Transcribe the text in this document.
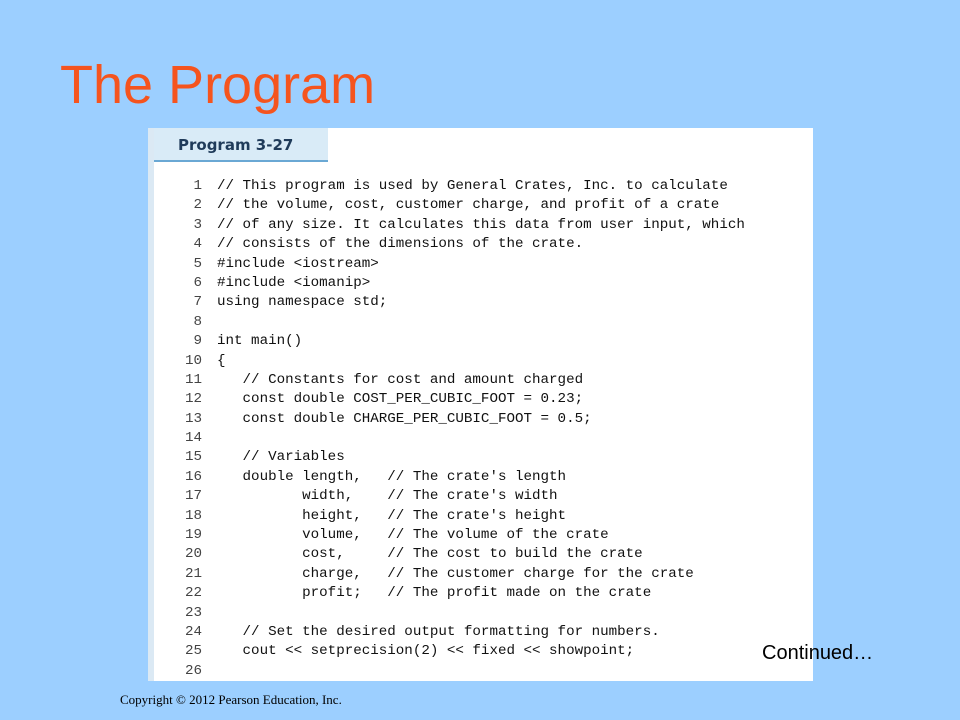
The Program
Program 3-27
1 // This program is used by General Crates, Inc. to calculate
2 // the volume, cost, customer charge, and profit of a crate
3 // of any size. It calculates this data from user input, which
4 // consists of the dimensions of the crate.
5 #include <iostream>
6 #include <iomanip>
7 using namespace std;
8
9 int main()
10 {
11   // Constants for cost and amount charged
12   const double COST_PER_CUBIC_FOOT = 0.23;
13   const double CHARGE_PER_CUBIC_FOOT = 0.5;
14
15   // Variables
16   double length,   // The crate's length
17          width,    // The crate's width
18          height,   // The crate's height
19          volume,   // The volume of the crate
20          cost,     // The cost to build the crate
21          charge,   // The customer charge for the crate
22          profit;   // The profit made on the crate
23
24   // Set the desired output formatting for numbers.
25   cout << setprecision(2) << fixed << showpoint;
26
Continued…
Copyright © 2012 Pearson Education, Inc.
